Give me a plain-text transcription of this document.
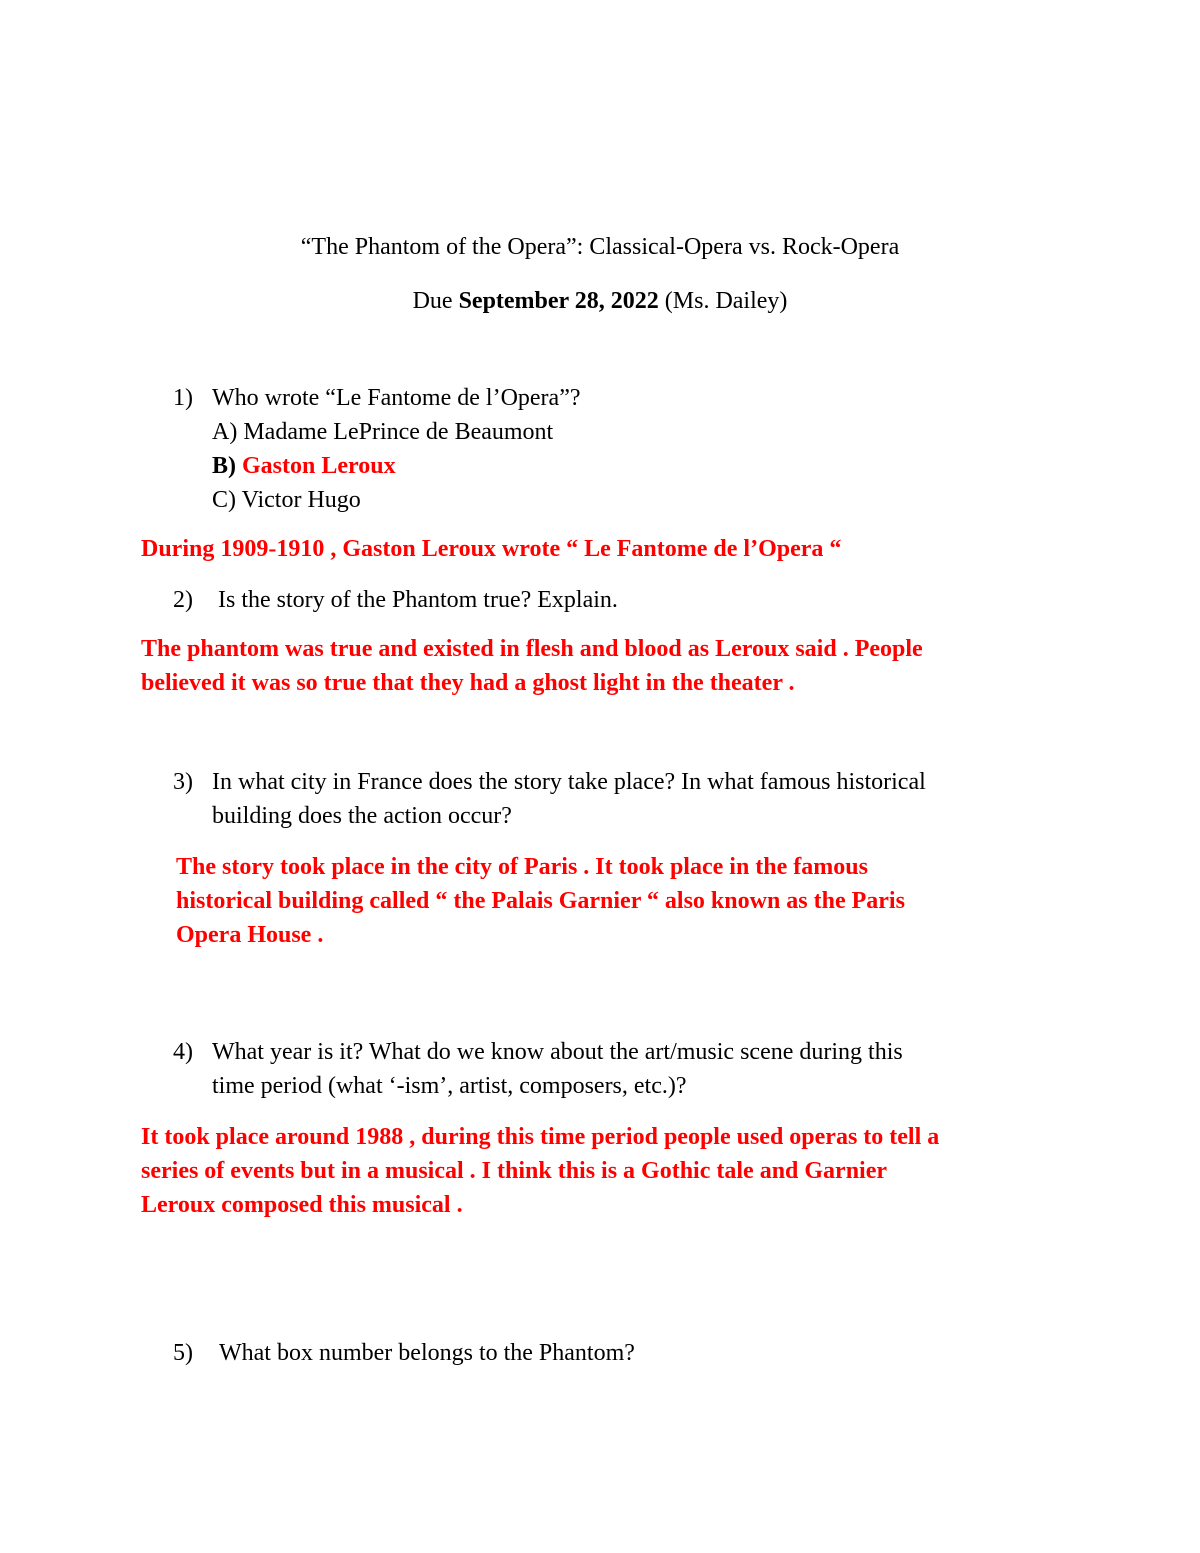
“The Phantom of the Opera”: Classical-Opera vs. Rock-Opera
Due September 28, 2022 (Ms. Dailey)
1) Who wrote “Le Fantome de l’Opera”?
A) Madame LePrince de Beaumont
B) Gaston Leroux
C) Victor Hugo
During 1909-1910 , Gaston Leroux wrote “ Le Fantome de l’Opera “
2) Is the story of the Phantom true? Explain.
The phantom was true and existed in flesh and blood as Leroux said . People
believed it was so true that they had a ghost light in the theater .
3) In what city in France does the story take place? In what famous historical
building does the action occur?
The story took place in the city of Paris . It took place in the famous
historical building called “ the Palais Garnier “ also known as the Paris
Opera House .
4) What year is it? What do we know about the art/music scene during this
time period (what ‘-ism’, artist, composers, etc.)?
It took place around 1988 , during this time period people used operas to tell a
series of events but in a musical . I think this is a Gothic tale and Garnier
Leroux composed this musical .
5) What box number belongs to the Phantom?
